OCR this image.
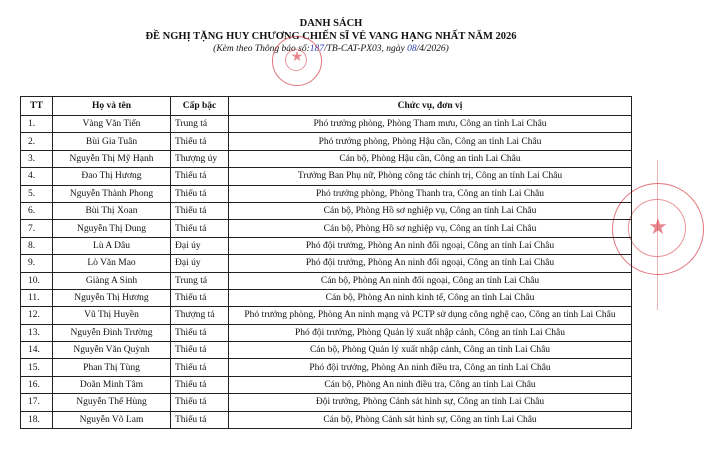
DANH SÁCH
ĐỀ NGHỊ TẶNG HUY CHƯƠNG CHIẾN SĨ VẺ VANG HẠNG NHẤT NĂM 2026
(Kèm theo Thông báo số:187/TB-CAT-PX03, ngày 08/4/2026)
★
★
TT	Họ và tên	Cấp bậc	Chức vụ, đơn vị
1.	Vàng Văn Tiến	Trung tá	Phó trưởng phòng, Phòng Tham mưu, Công an tỉnh Lai Châu
2.	Bùi Gia Tuân	Thiếu tá	Phó trưởng phòng, Phòng Hậu cần, Công an tỉnh Lai Châu
3.	Nguyễn Thị Mỹ Hạnh	Thượng úy	Cán bộ, Phòng Hậu cần, Công an tỉnh Lai Châu
4.	Đao Thị Hương	Thiếu tá	Trưởng Ban Phụ nữ, Phòng công tác chính trị, Công an tỉnh Lai Châu
5.	Nguyễn Thành Phong	Thiếu tá	Phó trưởng phòng, Phòng Thanh tra, Công an tỉnh Lai Châu
6.	Bùi Thị Xoan	Thiếu tá	Cán bộ, Phòng Hồ sơ nghiệp vụ, Công an tỉnh Lai Châu
7.	Nguyễn Thị Dung	Thiếu tá	Cán bộ, Phòng Hồ sơ nghiệp vụ, Công an tỉnh Lai Châu
8.	Lù A Dâu	Đại úy	Phó đội trưởng, Phòng An ninh đối ngoại, Công an tỉnh Lai Châu
9.	Lò Văn Mao	Đại úy	Phó đội trưởng, Phòng An ninh đối ngoại, Công an tỉnh Lai Châu
10.	Giàng A Sinh	Trung tá	Cán bộ, Phòng An ninh đối ngoại, Công an tỉnh Lai Châu
11.	Nguyễn Thị Hương	Thiếu tá	Cán bộ, Phòng An ninh kinh tế, Công an tỉnh Lai Châu
12.	Vũ Thị Huyền	Thượng tá	Phó trưởng phòng, Phòng An ninh mạng và PCTP sử dụng công nghệ cao, Công an tỉnh Lai Châu
13.	Nguyễn Đình Trường	Thiếu tá	Phó đội trưởng, Phòng Quản lý xuất nhập cảnh, Công an tỉnh Lai Châu
14.	Nguyễn Văn Quỳnh	Thiếu tá	Cán bộ, Phòng Quản lý xuất nhập cảnh, Công an tỉnh Lai Châu
15.	Phan Thị Tùng	Thiếu tá	Phó đội trưởng, Phòng An ninh điều tra, Công an tỉnh Lai Châu
16.	Doãn Minh Tâm	Thiếu tá	Cán bộ, Phòng An ninh điều tra, Công an tỉnh Lai Châu
17.	Nguyễn Thế Hùng	Thiếu tá	Đội trưởng, Phòng Cảnh sát hình sự, Công an tỉnh Lai Châu
18.	Nguyễn Võ Lam	Thiếu tá	Cán bộ, Phòng Cảnh sát hình sự, Công an tỉnh Lai Châu
